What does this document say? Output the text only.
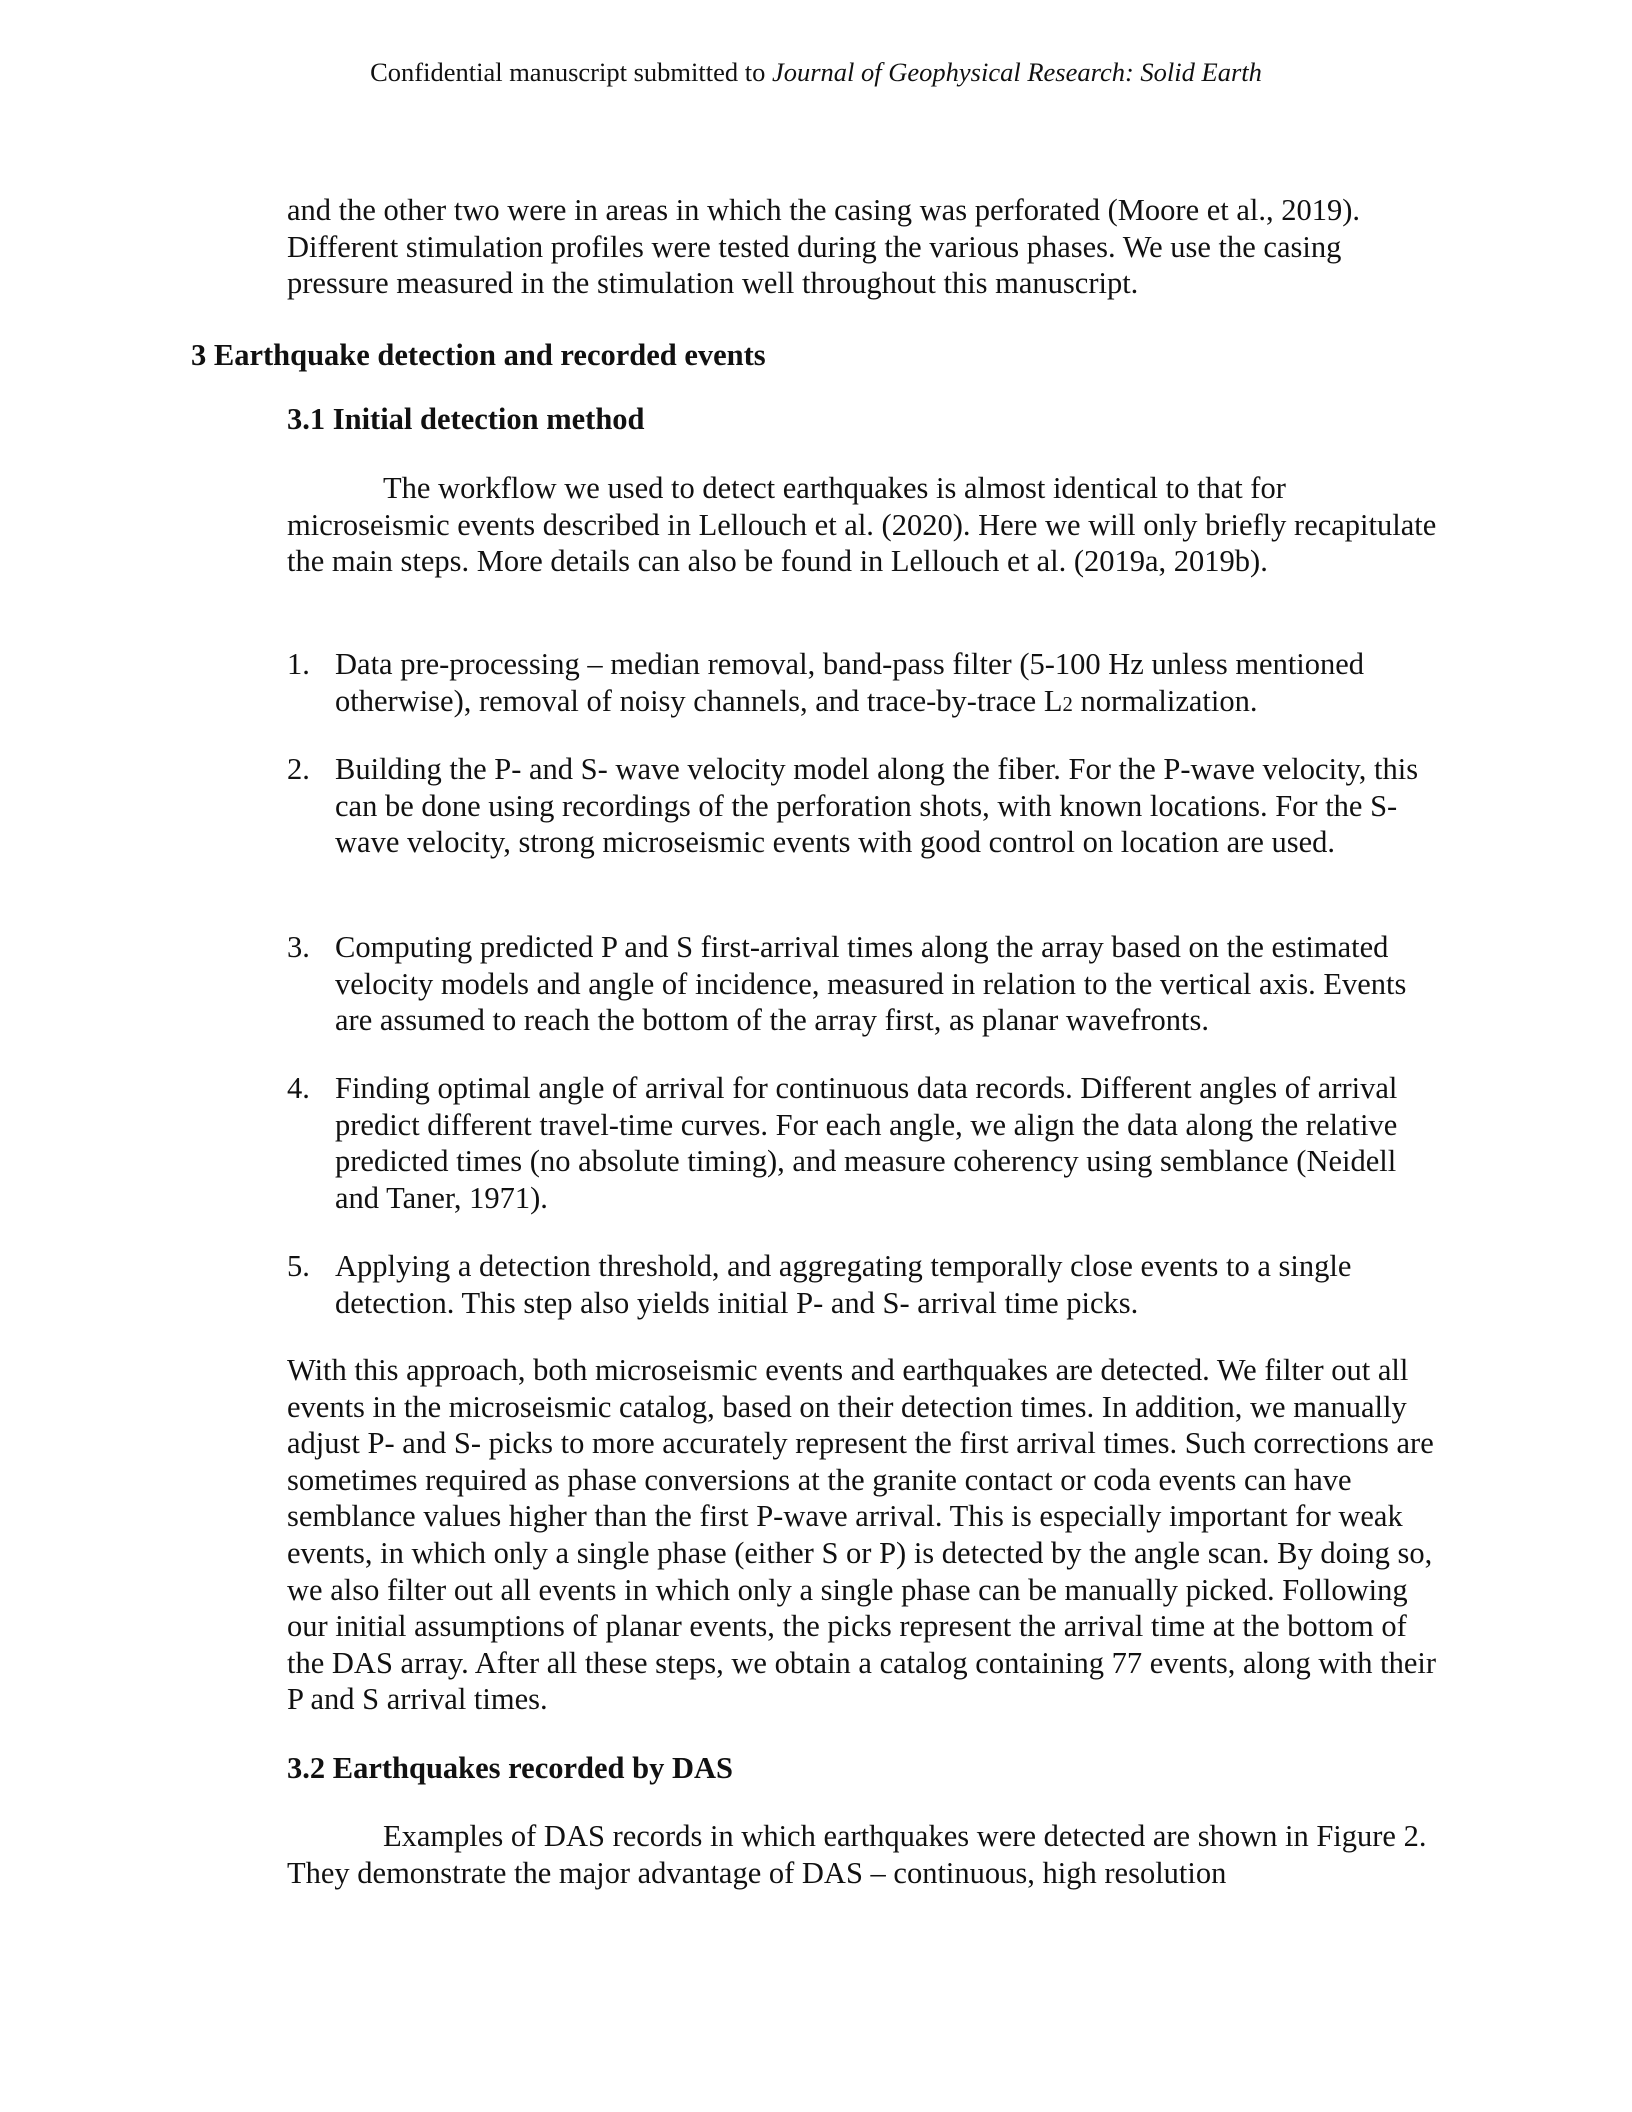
Confidential manuscript submitted to Journal of Geophysical Research: Solid Earth

and the other two were in areas in which the casing was perforated (Moore et al., 2019). Different stimulation profiles were tested during the various phases. We use the casing pressure measured in the stimulation well throughout this manuscript.

3 Earthquake detection and recorded events
3.1 Initial detection method

The workflow we used to detect earthquakes is almost identical to that for microseismic events described in Lellouch et al. (2020). Here we will only briefly recapitulate the main steps. More details can also be found in Lellouch et al. (2019a, 2019b).

1. Data pre-processing – median removal, band-pass filter (5-100 Hz unless mentioned otherwise), removal of noisy channels, and trace-by-trace L2 normalization.
2. Building the P- and S- wave velocity model along the fiber. For the P-wave velocity, this can be done using recordings of the perforation shots, with known locations. For the S-wave velocity, strong microseismic events with good control on location are used.
3. Computing predicted P and S first-arrival times along the array based on the estimated velocity models and angle of incidence, measured in relation to the vertical axis. Events are assumed to reach the bottom of the array first, as planar wavefronts.
4. Finding optimal angle of arrival for continuous data records. Different angles of arrival predict different travel-time curves. For each angle, we align the data along the relative predicted times (no absolute timing), and measure coherency using semblance (Neidell and Taner, 1971).
5. Applying a detection threshold, and aggregating temporally close events to a single detection. This step also yields initial P- and S- arrival time picks.

With this approach, both microseismic events and earthquakes are detected. We filter out all events in the microseismic catalog, based on their detection times. In addition, we manually adjust P- and S- picks to more accurately represent the first arrival times. Such corrections are sometimes required as phase conversions at the granite contact or coda events can have semblance values higher than the first P-wave arrival. This is especially important for weak events, in which only a single phase (either S or P) is detected by the angle scan. By doing so, we also filter out all events in which only a single phase can be manually picked. Following our initial assumptions of planar events, the picks represent the arrival time at the bottom of the DAS array. After all these steps, we obtain a catalog containing 77 events, along with their P and S arrival times.

3.2 Earthquakes recorded by DAS

Examples of DAS records in which earthquakes were detected are shown in Figure 2. They demonstrate the major advantage of DAS – continuous, high resolution
